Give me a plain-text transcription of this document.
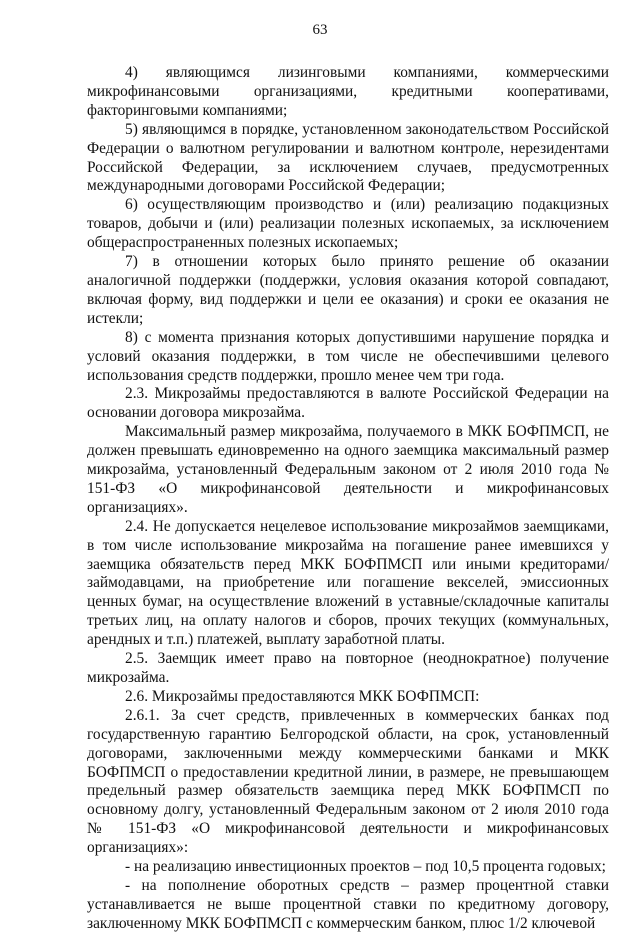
63

4) являющимся лизинговыми компаниями, коммерческими микрофинансовыми организациями, кредитными кооперативами, факторинговыми компаниями;

5) являющимся в порядке, установленном законодательством Российской Федерации о валютном регулировании и валютном контроле, нерезидентами Российской Федерации, за исключением случаев, предусмотренных международными договорами Российской Федерации;

6) осуществляющим производство и (или) реализацию подакцизных товаров, добычи и (или) реализации полезных ископаемых, за исключением общераспространенных полезных ископаемых;

7) в отношении которых было принято решение об оказании аналогичной поддержки (поддержки, условия оказания которой совпадают, включая форму, вид поддержки и цели ее оказания) и сроки ее оказания не истекли;

8) с момента признания которых допустившими нарушение порядка и условий оказания поддержки, в том числе не обеспечившими целевого использования средств поддержки, прошло менее чем три года.

2.3. Микрозаймы предоставляются в валюте Российской Федерации на основании договора микрозайма.

Максимальный размер микрозайма, получаемого в МКК БОФПМСП, не должен превышать единовременно на одного заемщика максимальный размер микрозайма, установленный Федеральным законом от 2 июля 2010 года № 151-ФЗ «О микрофинансовой деятельности и микрофинансовых организациях».

2.4. Не допускается нецелевое использование микрозаймов заемщиками, в том числе использование микрозайма на погашение ранее имевшихся у заемщика обязательств перед МКК БОФПМСП или иными кредиторами/займодавцами, на приобретение или погашение векселей, эмиссионных ценных бумаг, на осуществление вложений в уставные/складочные капиталы третьих лиц, на оплату налогов и сборов, прочих текущих (коммунальных, арендных и т.п.) платежей, выплату заработной платы.

2.5. Заемщик имеет право на повторное (неоднократное) получение микрозайма.

2.6. Микрозаймы предоставляются МКК БОФПМСП:

2.6.1. За счет средств, привлеченных в коммерческих банках под государственную гарантию Белгородской области, на срок, установленный договорами, заключенными между коммерческими банками и МКК БОФПМСП о предоставлении кредитной линии, в размере, не превышающем предельный размер обязательств заемщика перед МКК БОФПМСП по основному долгу, установленный Федеральным законом от 2 июля 2010 года № 151-ФЗ «О микрофинансовой деятельности и микрофинансовых организациях»:

- на реализацию инвестиционных проектов – под 10,5 процента годовых;

- на пополнение оборотных средств – размер процентной ставки устанавливается не выше процентной ставки по кредитному договору, заключенному МКК БОФПМСП с коммерческим банком, плюс 1/2 ключевой
